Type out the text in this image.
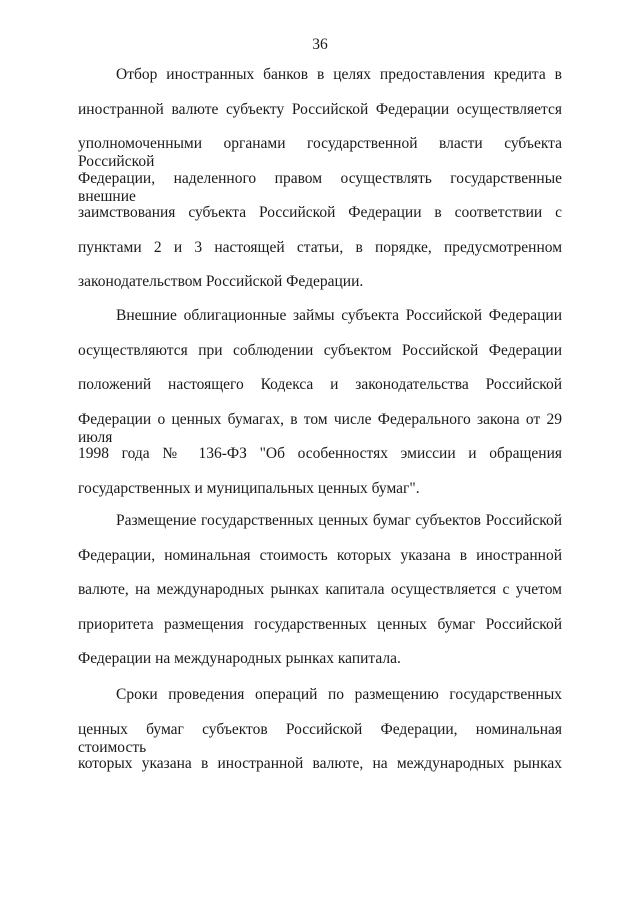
36
Отбор иностранных банков в целях предоставления кредита в
иностранной валюте субъекту Российской Федерации осуществляется
уполномоченными органами государственной власти субъекта Российской
Федерации, наделенного правом осуществлять государственные внешние
заимствования субъекта Российской Федерации в соответствии с
пунктами 2 и 3 настоящей статьи, в порядке, предусмотренном
законодательством Российской Федерации.
Внешние облигационные займы субъекта Российской Федерации
осуществляются при соблюдении субъектом Российской Федерации
положений настоящего Кодекса и законодательства Российской
Федерации о ценных бумагах, в том числе Федерального закона от 29 июля
1998 года № 136-ФЗ "Об особенностях эмиссии и обращения
государственных и муниципальных ценных бумаг".
Размещение государственных ценных бумаг субъектов Российской
Федерации, номинальная стоимость которых указана в иностранной
валюте, на международных рынках капитала осуществляется с учетом
приоритета размещения государственных ценных бумаг Российской
Федерации на международных рынках капитала.
Сроки проведения операций по размещению государственных
ценных бумаг субъектов Российской Федерации, номинальная стоимость
которых указана в иностранной валюте, на международных рынках
